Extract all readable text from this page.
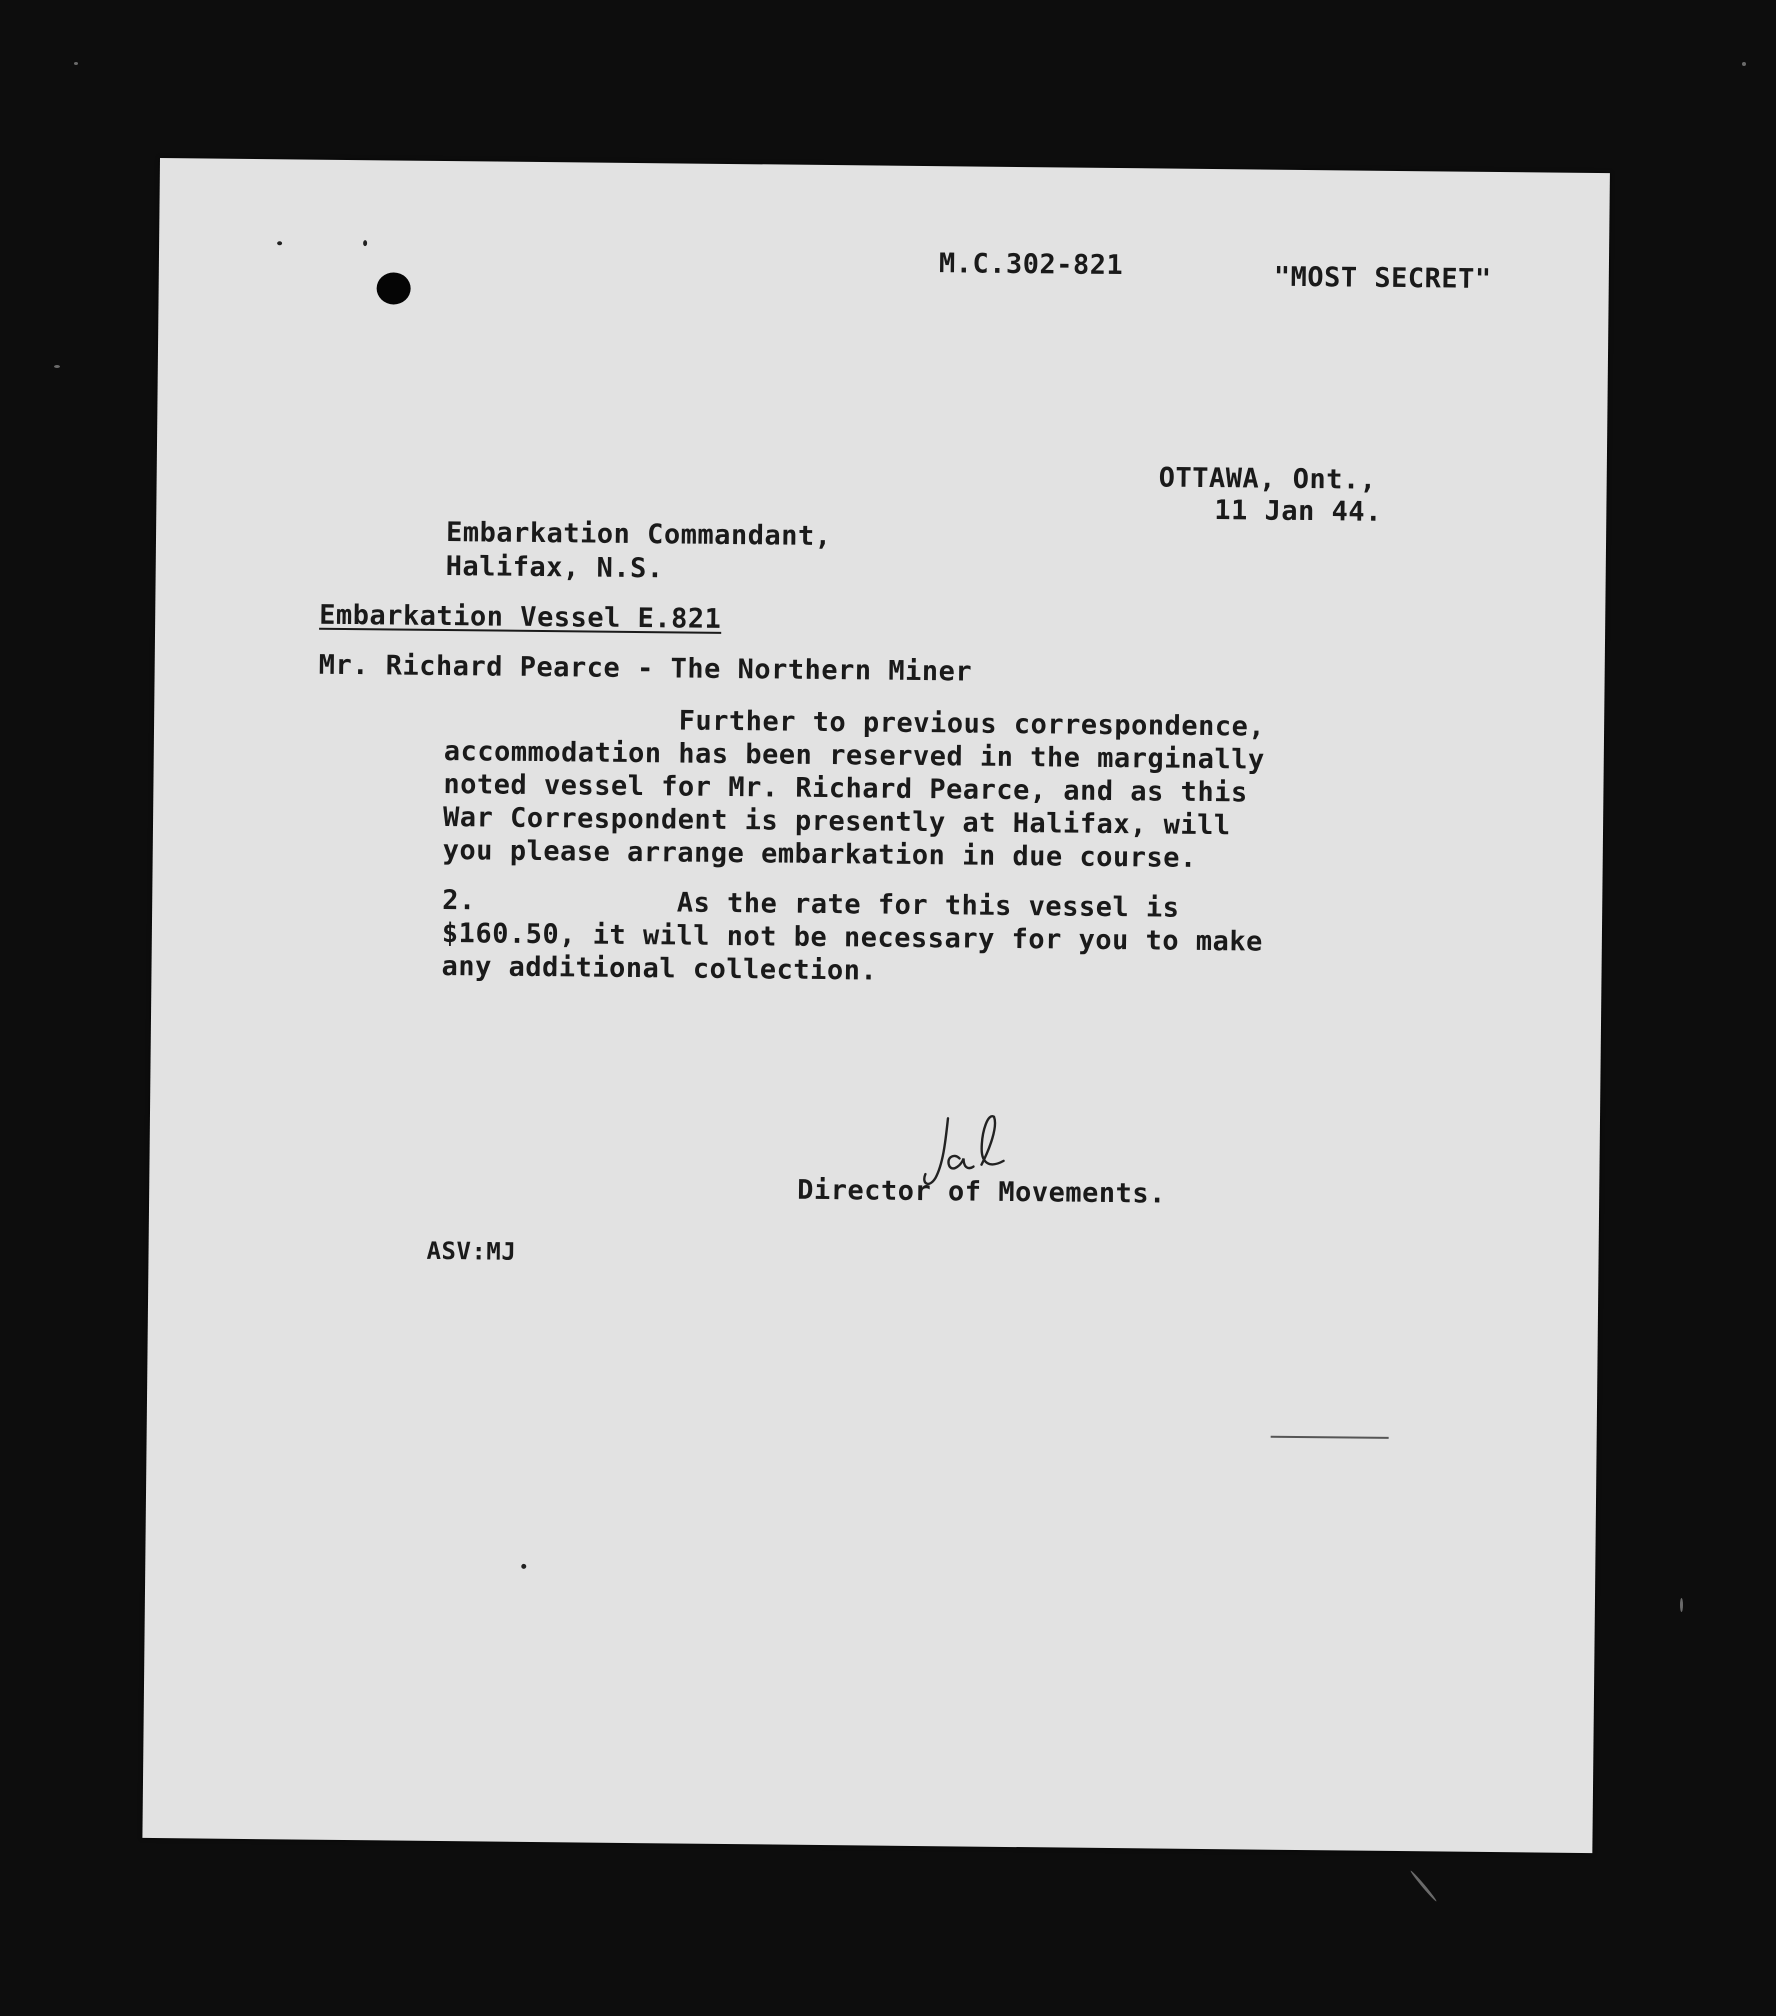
M.C.302-821	"MOST SECRET"
OTTAWA, Ont.,
11 Jan 44.
Embarkation Commandant,
Halifax, N.S.
Embarkation Vessel E.821
Mr. Richard Pearce - The Northern Miner
Further to previous correspondence,
accommodation has been reserved in the marginally
noted vessel for Mr. Richard Pearce, and as this
War Correspondent is presently at Halifax, will
you please arrange embarkation in due course.
2.            As the rate for this vessel is
$160.50, it will not be necessary for you to make
any additional collection.
Director of Movements.
ASV:MJ
